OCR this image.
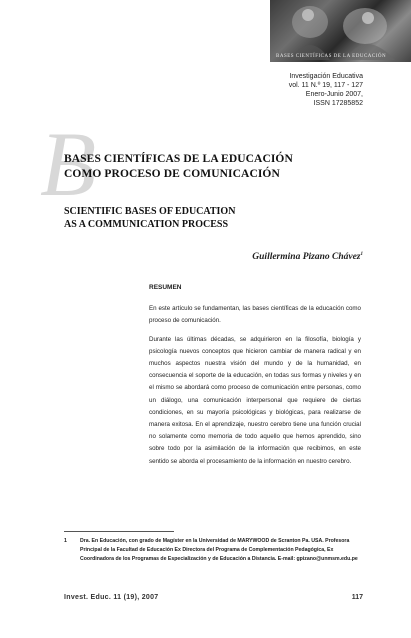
BASES CIENTÍFICAS DE LA EDUCACIÓN
Investigación Educativa
vol. 11 N.º 19, 117 - 127
Enero-Junio 2007,
ISSN 17285852
B
BASES CIENTÍFICAS DE LA EDUCACIÓN
COMO PROCESO DE COMUNICACIÓN
SCIENTIFIC BASES OF EDUCATION
AS A COMMUNICATION PROCESS
Guillermina Pizano Chávez$^1$
RESUMEN

En este artículo se fundamentan, las bases científicas de la educación como proceso de comunicación.

Durante las últimas décadas, se adquirieron en la filosofía, biología y psicología nuevos conceptos que hicieron cambiar de manera radical y en muchos aspectos nuestra visión del mundo y de la humanidad, en consecuencia el soporte de la educación, en todas sus formas y niveles y en el mismo se abordará como proceso de comunicación entre personas, como un diálogo, una comunicación interpersonal que requiere de ciertas condiciones, en su mayoría psicológicas y biológicas, para realizarse de manera exitosa. En el aprendizaje, nuestro cerebro tiene una función crucial no solamente como memoria de todo aquello que hemos aprendido, sino sobre todo por la asimilación de la información que recibimos, en este sentido se aborda el procesamiento de la información en nuestro cerebro.

1	Dra. En Educación, con grado de Magíster en la Universidad de MARYWOOD de Scranton Pa. USA. Profesora Principal de la Facultad de Educación Ex Directora del Programa de Complementación Pedagógica, Ex Coordinadora de los Programas de Especialización y de Educación a Distancia. E-mail: gpizano@unmsm.edu.pe
Invest. Educ. 11 (19), 2007	117
